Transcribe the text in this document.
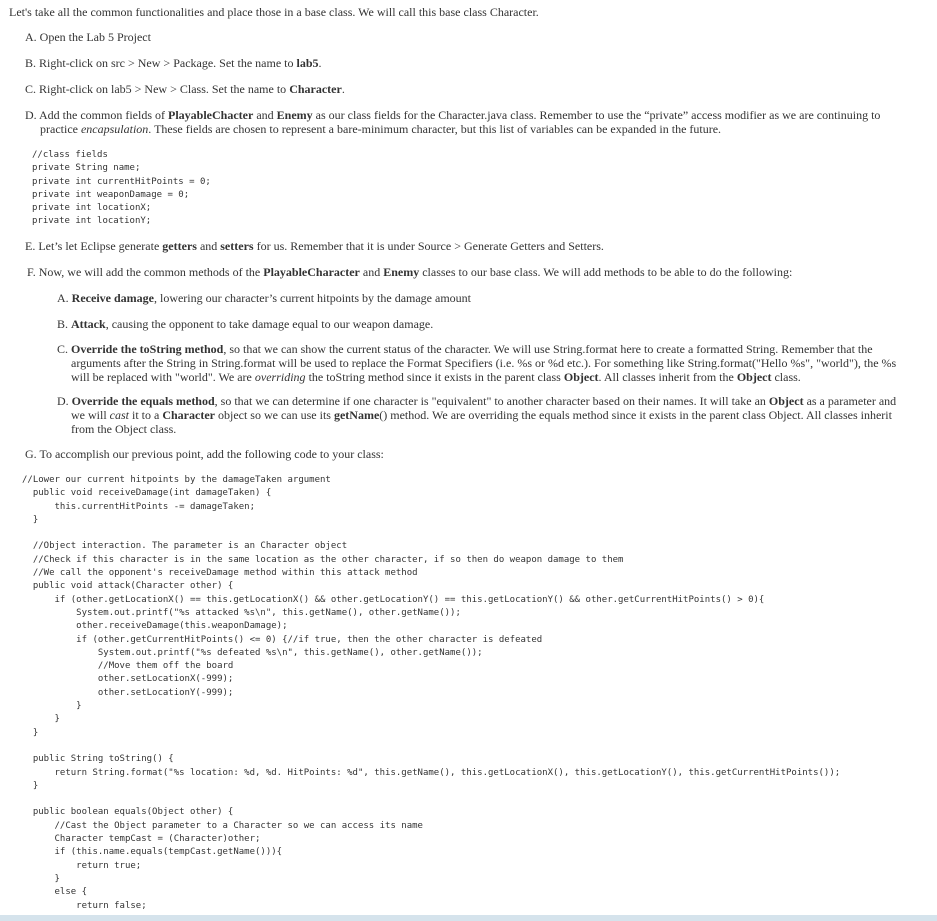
Let's take all the common functionalities and place those in a base class. We will call this base class Character.
A. Open the Lab 5 Project
B. Right-click on src > New > Package. Set the name to lab5.
C. Right-click on lab5 > New > Class. Set the name to Character.
D. Add the common fields of PlayableChacter and Enemy as our class fields for the Character.java class. Remember to use the “private” access modifier as we are continuing to practice encapsulation. These fields are chosen to represent a bare-minimum character, but this list of variables can be expanded in the future.
//class fields
private String name;
private int currentHitPoints = 0;
private int weaponDamage = 0;
private int locationX;
private int locationY;
E. Let’s let Eclipse generate getters and setters for us. Remember that it is under Source > Generate Getters and Setters.
F. Now, we will add the common methods of the PlayableCharacter and Enemy classes to our base class. We will add methods to be able to do the following:
A. Receive damage, lowering our character’s current hitpoints by the damage amount
B. Attack, causing the opponent to take damage equal to our weapon damage.
C. Override the toString method, so that we can show the current status of the character. We will use String.format here to create a formatted String. Remember that the arguments after the String in String.format will be used to replace the Format Specifiers (i.e. %s or %d etc.). For something like String.format("Hello %s", "world"), the %s will be replaced with "world". We are overriding the toString method since it exists in the parent class Object. All classes inherit from the Object class.
D. Override the equals method, so that we can determine if one character is "equivalent" to another character based on their names. It will take an Object as a parameter and we will cast it to a Character object so we can use its getName() method. We are overriding the equals method since it exists in the parent class Object. All classes inherit from the Object class.
G. To accomplish our previous point, add the following code to your class:
//Lower our current hitpoints by the damageTaken argument
public void receiveDamage(int damageTaken) {
this.currentHitPoints -= damageTaken;
}

//Object interaction. The parameter is an Character object
//Check if this character is in the same location as the other character, if so then do weapon damage to them
//We call the opponent's receiveDamage method within this attack method
public void attack(Character other) {
if (other.getLocationX() == this.getLocationX() && other.getLocationY() == this.getLocationY() && other.getCurrentHitPoints() > 0){
System.out.printf("%s attacked %s\n", this.getName(), other.getName());
other.receiveDamage(this.weaponDamage);
if (other.getCurrentHitPoints() <= 0) {//if true, then the other character is defeated
System.out.printf("%s defeated %s\n", this.getName(), other.getName());
//Move them off the board
other.setLocationX(-999);
other.setLocationY(-999);
}
}
}

public String toString() {
return String.format("%s location: %d, %d. HitPoints: %d", this.getName(), this.getLocationX(), this.getLocationY(), this.getCurrentHitPoints());
}

public boolean equals(Object other) {
//Cast the Object parameter to a Character so we can access its name
Character tempCast = (Character)other;
if (this.name.equals(tempCast.getName())){
return true;
}
else {
return false;
